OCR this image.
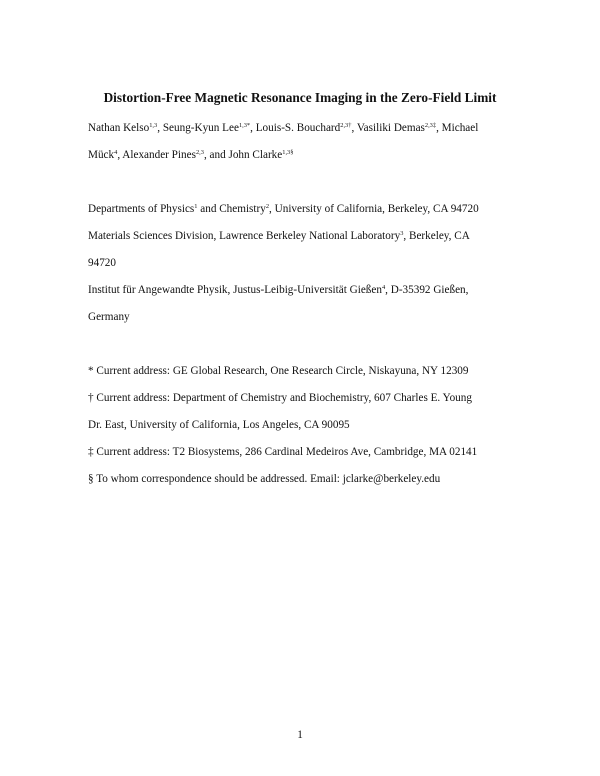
Distortion-Free Magnetic Resonance Imaging in the Zero-Field Limit
Nathan Kelso$^{1,3}$, Seung-Kyun Lee$^{1,3*}$, Louis-S. Bouchard$^{2,3\dagger}$, Vasiliki Demas$^{2,3\ddagger}$, Michael
Mück$^4$, Alexander Pines$^{2,3}$, and John Clarke$^{1,3\S}$
Departments of Physics$^1$ and Chemistry$^2$, University of California, Berkeley, CA 94720
Materials Sciences Division, Lawrence Berkeley National Laboratory$^3$, Berkeley, CA
94720
Institut für Angewandte Physik, Justus-Leibig-Universität Gießen$^4$, D-35392 Gießen,
Germany
* Current address: GE Global Research, One Research Circle, Niskayuna, NY 12309
† Current address: Department of Chemistry and Biochemistry, 607 Charles E. Young
Dr. East, University of California, Los Angeles, CA 90095
‡ Current address: T2 Biosystems, 286 Cardinal Medeiros Ave, Cambridge, MA 02141
§ To whom correspondence should be addressed. Email: jclarke@berkeley.edu
1
